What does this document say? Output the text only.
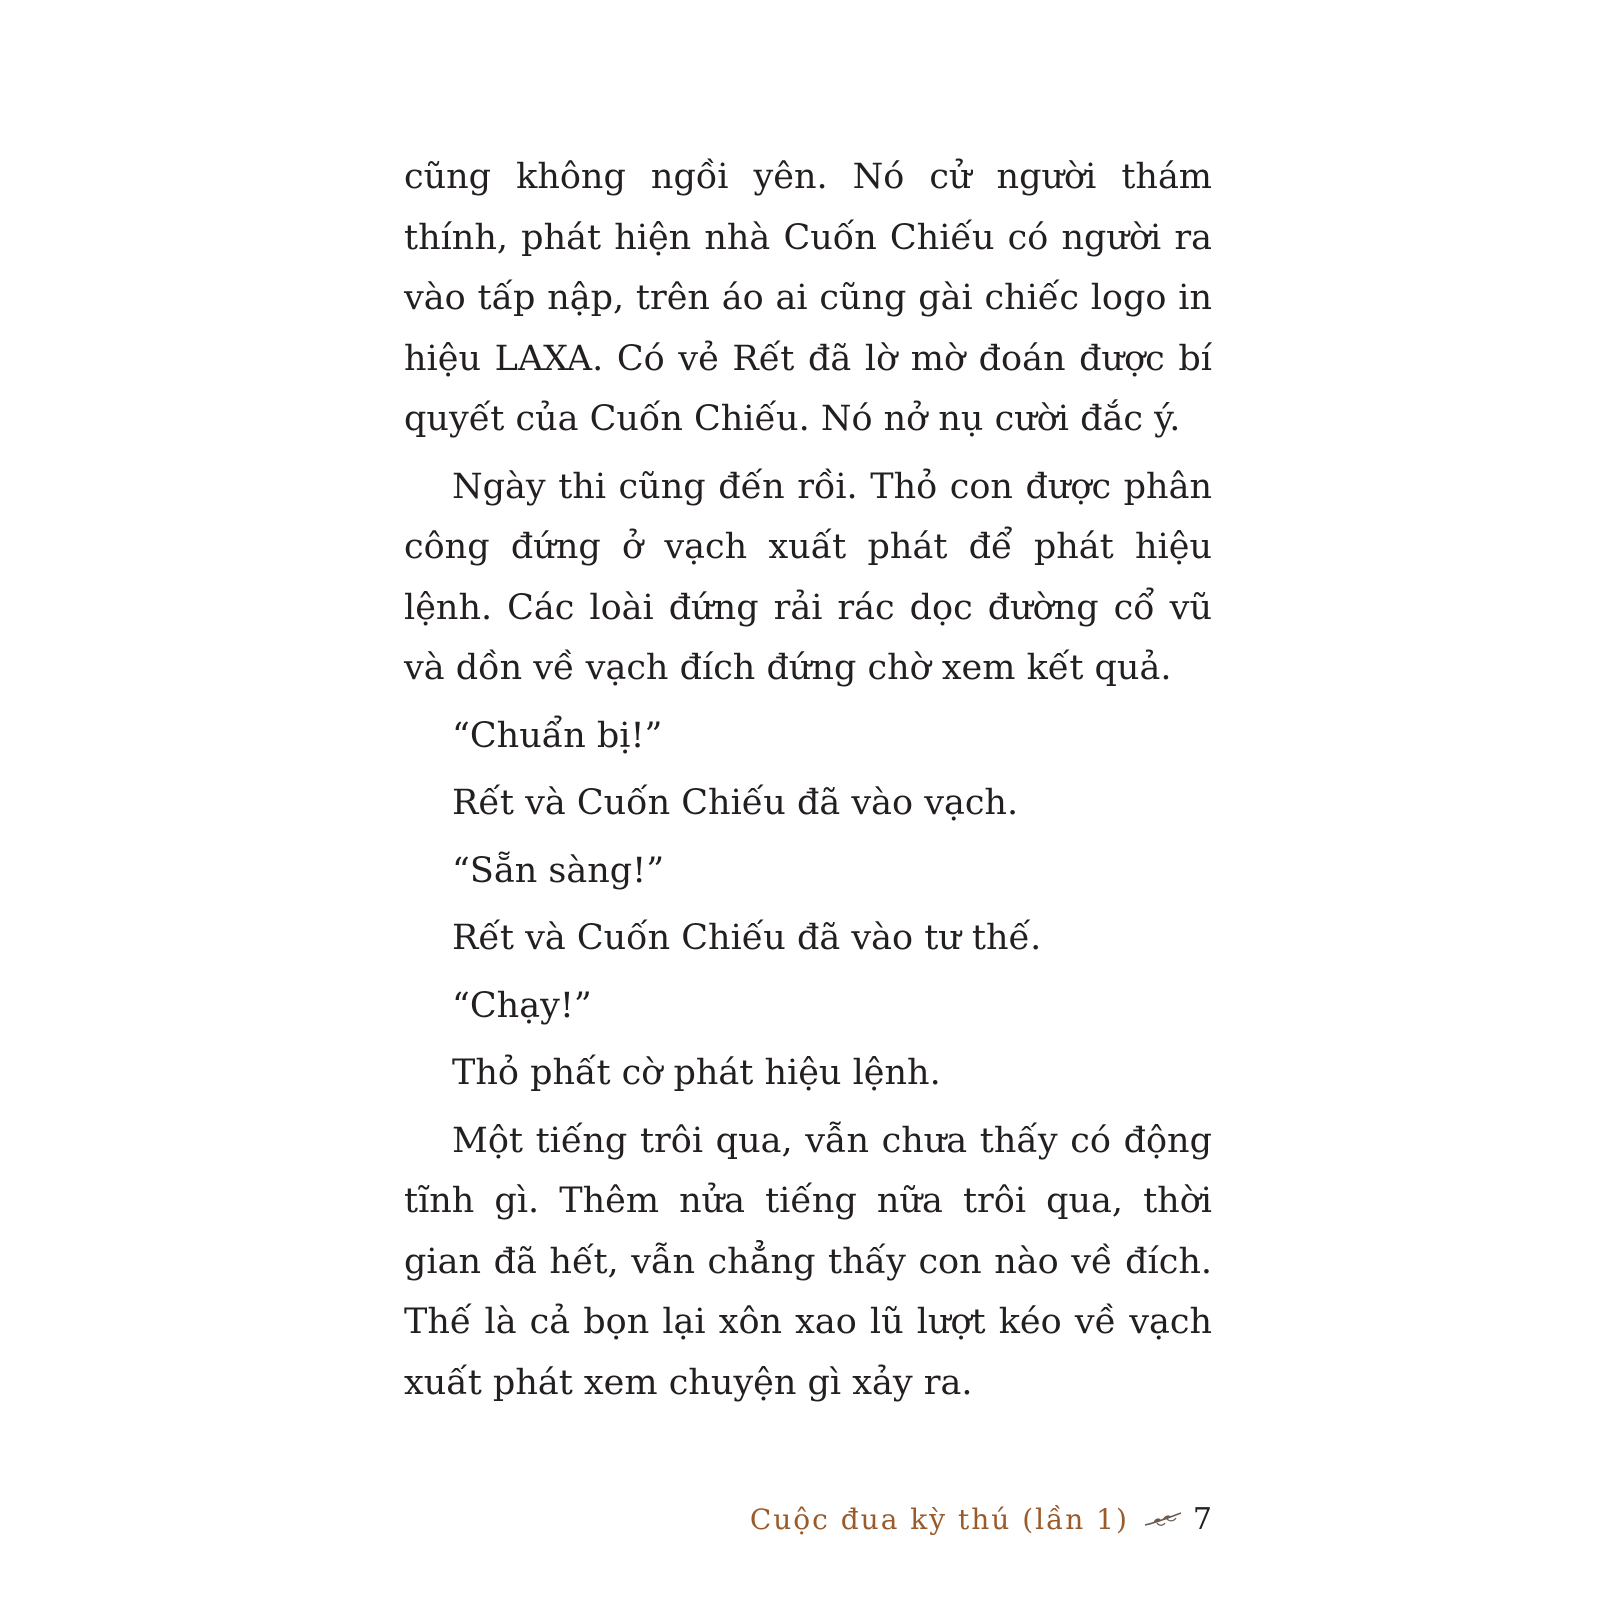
cũng không ngồi yên. Nó cử người thám thính, phát hiện nhà Cuốn Chiếu có người ra vào tấp nập, trên áo ai cũng gài chiếc logo in hiệu LAXA. Có vẻ Rết đã lờ mờ đoán được bí quyết của Cuốn Chiếu. Nó nở nụ cười đắc ý.

Ngày thi cũng đến rồi. Thỏ con được phân công đứng ở vạch xuất phát để phát hiệu lệnh. Các loài đứng rải rác dọc đường cổ vũ và dồn về vạch đích đứng chờ xem kết quả.

“Chuẩn bị!”

Rết và Cuốn Chiếu đã vào vạch.

“Sẵn sàng!”

Rết và Cuốn Chiếu đã vào tư thế.

“Chạy!”

Thỏ phất cờ phát hiệu lệnh.

Một tiếng trôi qua, vẫn chưa thấy có động tĩnh gì. Thêm nửa tiếng nữa trôi qua, thời gian đã hết, vẫn chẳng thấy con nào về đích. Thế là cả bọn lại xôn xao lũ lượt kéo về vạch xuất phát xem chuyện gì xảy ra.

Cuộc đua kỳ thú (lần 1) 7
